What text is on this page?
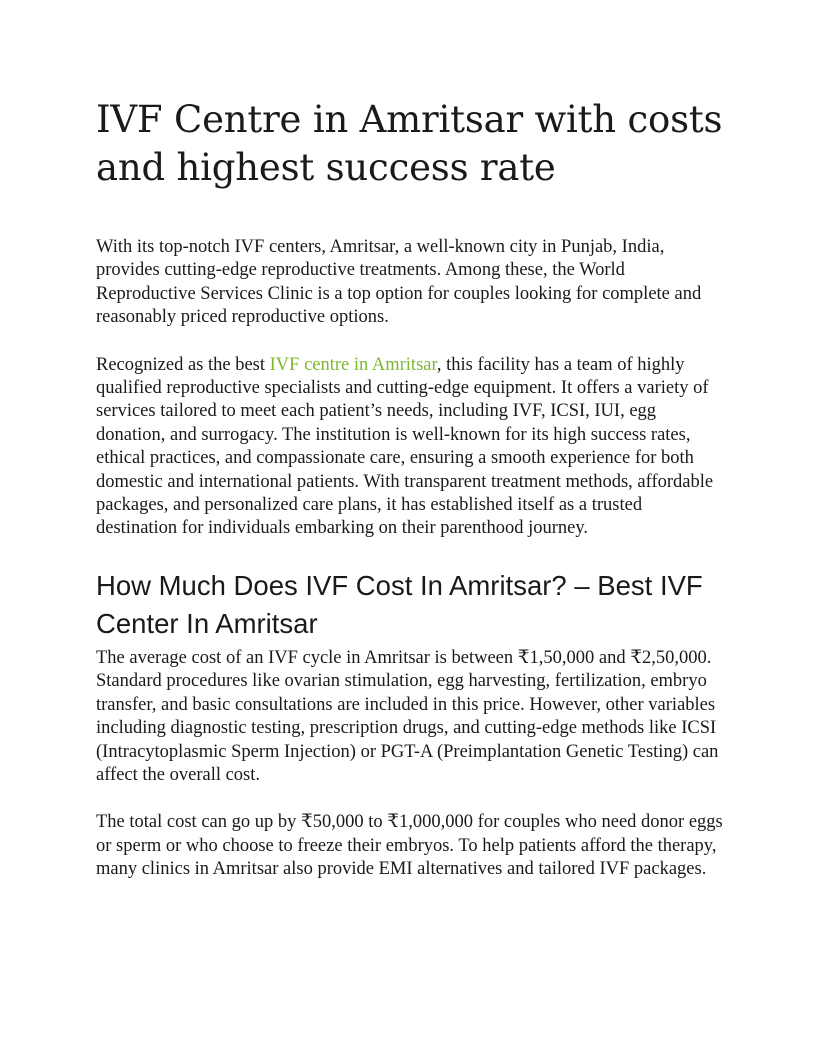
IVF Centre in Amritsar with costs and highest success rate

With its top-notch IVF centers, Amritsar, a well-known city in Punjab, India, provides cutting-edge reproductive treatments. Among these, the World Reproductive Services Clinic is a top option for couples looking for complete and reasonably priced reproductive options.

Recognized as the best IVF centre in Amritsar, this facility has a team of highly qualified reproductive specialists and cutting-edge equipment. It offers a variety of services tailored to meet each patient’s needs, including IVF, ICSI, IUI, egg donation, and surrogacy. The institution is well-known for its high success rates, ethical practices, and compassionate care, ensuring a smooth experience for both domestic and international patients. With transparent treatment methods, affordable packages, and personalized care plans, it has established itself as a trusted destination for individuals embarking on their parenthood journey.

How Much Does IVF Cost In Amritsar? – Best IVF Center In Amritsar

The average cost of an IVF cycle in Amritsar is between ₹1,50,000 and ₹2,50,000. Standard procedures like ovarian stimulation, egg harvesting, fertilization, embryo transfer, and basic consultations are included in this price. However, other variables including diagnostic testing, prescription drugs, and cutting-edge methods like ICSI (Intracytoplasmic Sperm Injection) or PGT-A (Preimplantation Genetic Testing) can affect the overall cost.

The total cost can go up by ₹50,000 to ₹1,000,000 for couples who need donor eggs or sperm or who choose to freeze their embryos. To help patients afford the therapy, many clinics in Amritsar also provide EMI alternatives and tailored IVF packages.
